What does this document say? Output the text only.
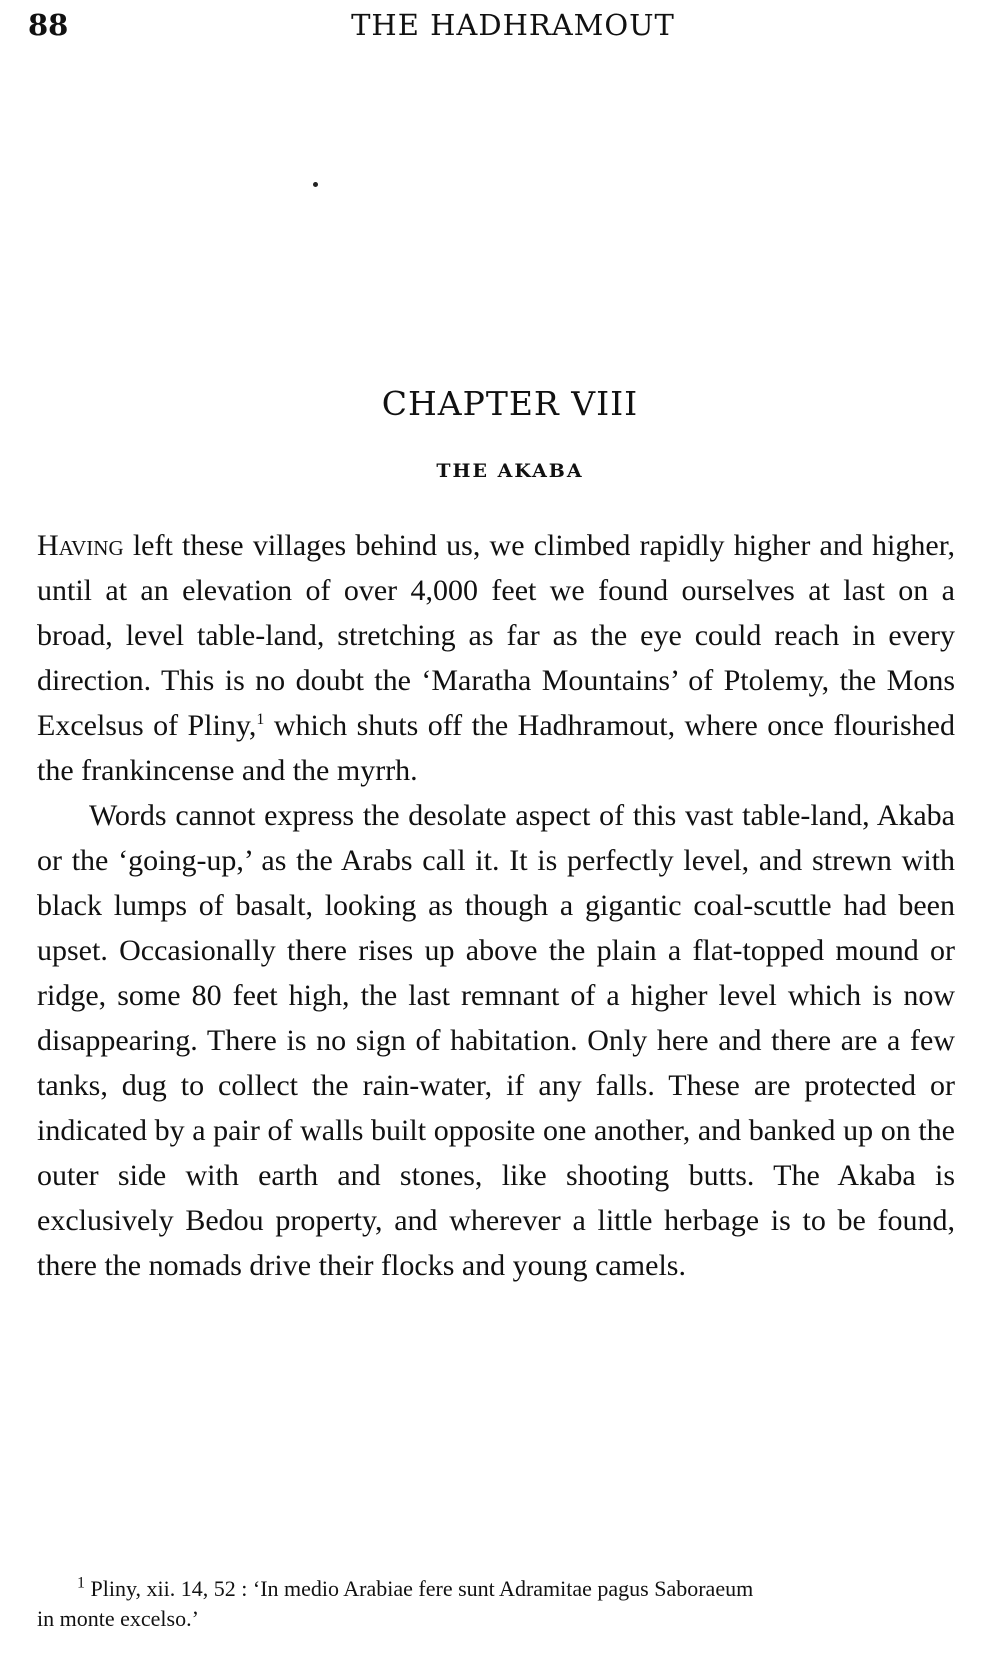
88	THE HADHRAMOUT
CHAPTER VIII
THE AKABA

Having left these villages behind us, we climbed rapidly higher and higher, until at an elevation of over 4,000 feet we found ourselves at last on a broad, level table-land, stretching as far as the eye could reach in every direction. This is no doubt the ‘Maratha Mountains’ of Ptolemy, the Mons Excelsus of Pliny,$^1$ which shuts off the Hadhramout, where once flourished the frankincense and the myrrh.

Words cannot express the desolate aspect of this vast table-land, Akaba or the ‘going-up,’ as the Arabs call it. It is perfectly level, and strewn with black lumps of basalt, looking as though a gigantic coal-scuttle had been upset. Occasionally there rises up above the plain a flat-topped mound or ridge, some 80 feet high, the last remnant of a higher level which is now disappearing. There is no sign of habitation. Only here and there are a few tanks, dug to collect the rain-water, if any falls. These are protected or indicated by a pair of walls built opposite one another, and banked up on the outer side with earth and stones, like shooting butts. The Akaba is exclusively Bedou property, and wherever a little herbage is to be found, there the nomads drive their flocks and young camels.

$^1$ Pliny, xii. 14, 52 : ‘In medio Arabiae fere sunt Adramitae pagus Saboraeum
in monte excelso.’
